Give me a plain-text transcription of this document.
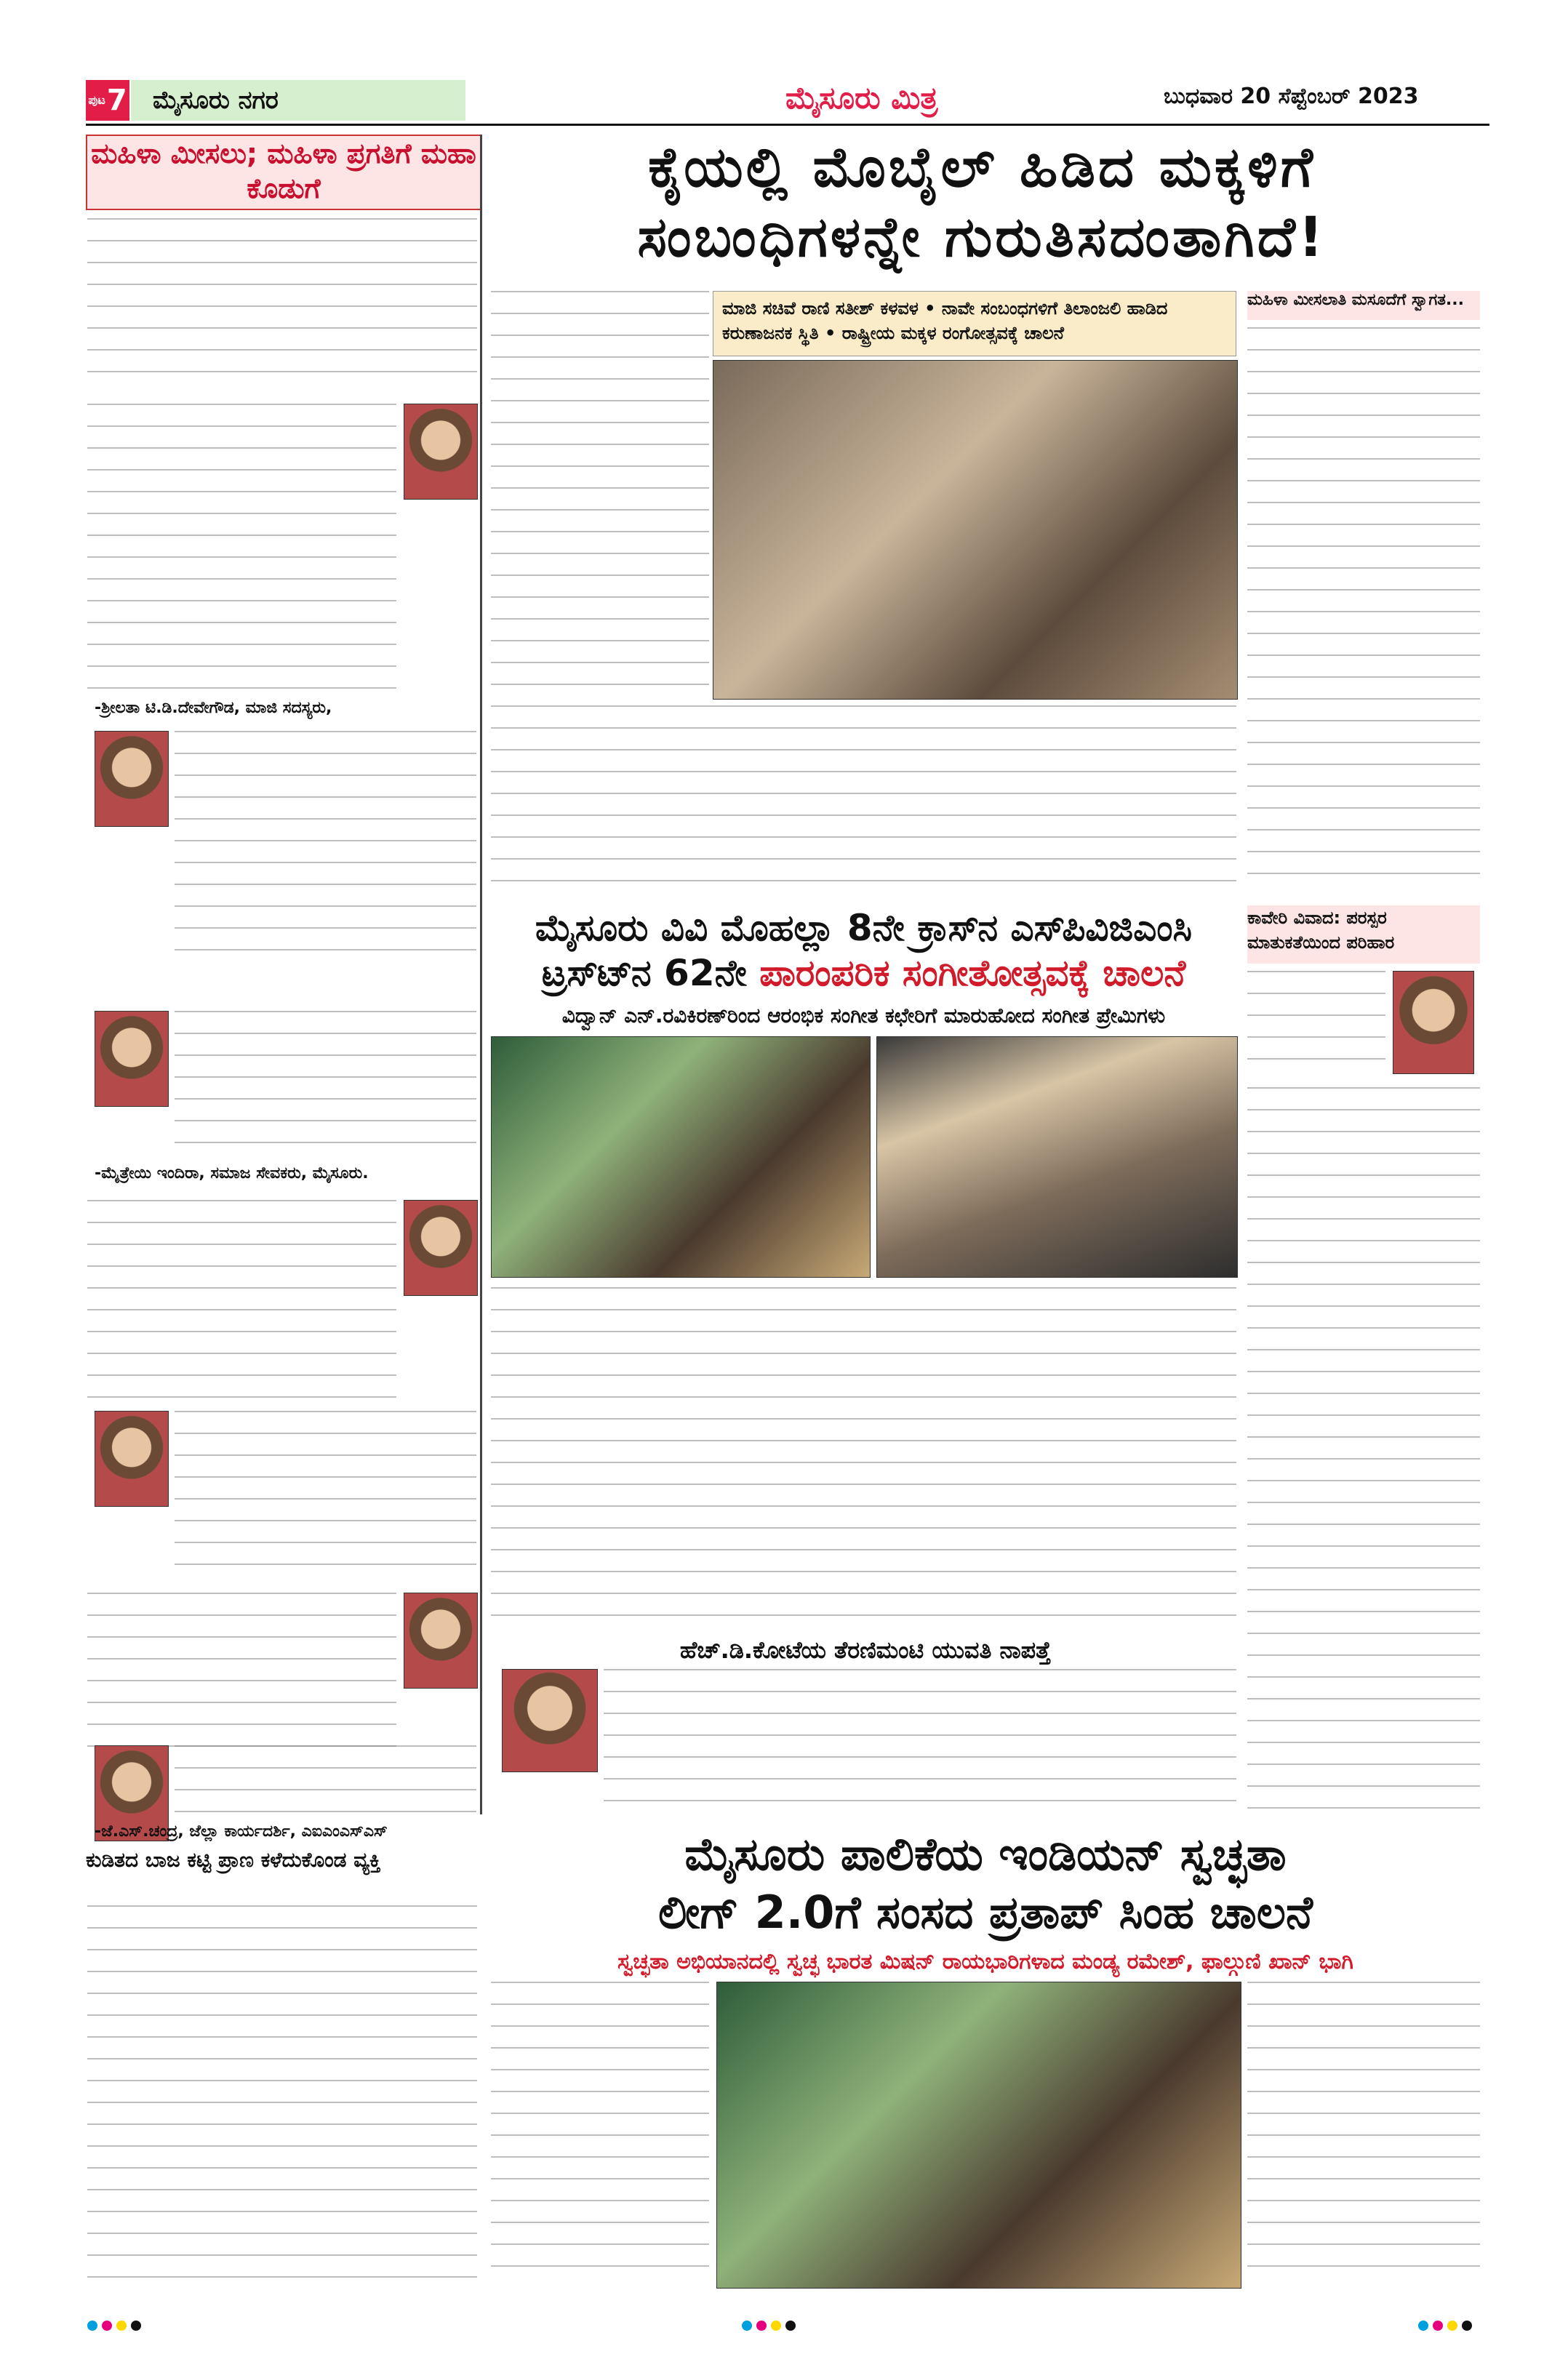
ಪುಟ 7	ಮೈಸೂರು ನಗರ	ಮೈಸೂರು ಮಿತ್ರ	ಬುಧವಾರ 20 ಸೆಪ್ಟೆಂಬರ್ 2023
ಮಹಿಳಾ ಮೀಸಲು; ಮಹಿಳಾ ಪ್ರಗತಿಗೆ ಮಹಾ ಕೊಡುಗೆ
-ಶ್ರೀಲತಾ ಟಿ.ಡಿ.ದೇವೇಗೌಡ, ಮಾಜಿ ಸದಸ್ಯರು,
-ಮೈತ್ರೇಯಿ ಇಂದಿರಾ, ಸಮಾಜ ಸೇವಕರು, ಮೈಸೂರು.
-ಜೆ.ಎಸ್.ಚಂದ್ರ, ಜೆಲ್ಲಾ ಕಾರ್ಯದರ್ಶಿ, ಎಐಎಂಎಸ್ಎಸ್
ಕೈಯಲ್ಲಿ ಮೊಬೈಲ್ ಹಿಡಿದ ಮಕ್ಕಳಿಗೆ
ಸಂಬಂಧಿಗಳನ್ನೇ ಗುರುತಿಸದಂತಾಗಿದೆ!
ಮಾಜಿ ಸಚಿವೆ ರಾಣಿ ಸತೀಶ್ ಕಳವಳ • ನಾವೇ ಸಂಬಂಧಗಳಿಗೆ ತಿಲಾಂಜಲಿ ಹಾಡಿದ ಕರುಣಾಜನಕ ಸ್ಥಿತಿ • ರಾಷ್ಟ್ರೀಯ ಮಕ್ಕಳ ರಂಗೋತ್ಸವಕ್ಕೆ ಚಾಲನೆ
ಮಹಿಳಾ ಮೀಸಲಾತಿ ಮಸೂದೆಗೆ ಸ್ವಾಗತ...
ಮೈಸೂರು ವಿವಿ ಮೊಹಲ್ಲಾ 8ನೇ ಕ್ರಾಸ್‍ನ ಎಸ್‍ಪಿವಿಜಿಎಂಸಿ
ಟ್ರಸ್ಟ್‍ನ 62ನೇ ಪಾರಂಪರಿಕ ಸಂಗೀತೋತ್ಸವಕ್ಕೆ ಚಾಲನೆ
ವಿದ್ವಾನ್ ಎನ್.ರವಿಕಿರಣ್‍ರಿಂದ ಆರಂಭಿಕ ಸಂಗೀತ ಕಛೇರಿಗೆ ಮಾರುಹೋದ ಸಂಗೀತ ಪ್ರೇಮಿಗಳು
ಕಾವೇರಿ ವಿವಾದ: ಪರಸ್ಪರ ಮಾತುಕತೆಯಿಂದ ಪರಿಹಾರ
ಹೆಚ್.ಡಿ.ಕೋಟೆಯ ತೆರಣಿಮಂಟಿ ಯುವತಿ ನಾಪತ್ತೆ
ಮೈಸೂರು ಪಾಲಿಕೆಯ ಇಂಡಿಯನ್ ಸ್ವಚ್ಛತಾ
ಲೀಗ್ 2.0ಗೆ ಸಂಸದ ಪ್ರತಾಪ್ ಸಿಂಹ ಚಾಲನೆ
ಸ್ವಚ್ಛತಾ ಅಭಿಯಾನದಲ್ಲಿ ಸ್ವಚ್ಛ ಭಾರತ ಮಿಷನ್ ರಾಯಭಾರಿಗಳಾದ ಮಂಡ್ಯ ರಮೇಶ್, ಫಾಲ್ಗುಣಿ ಖಾನ್ ಭಾಗಿ
ಕುಡಿತದ ಬಾಜ ಕಟ್ಟಿ ಪ್ರಾಣ ಕಳೆದುಕೊಂಡ ವ್ಯಕ್ತಿ
